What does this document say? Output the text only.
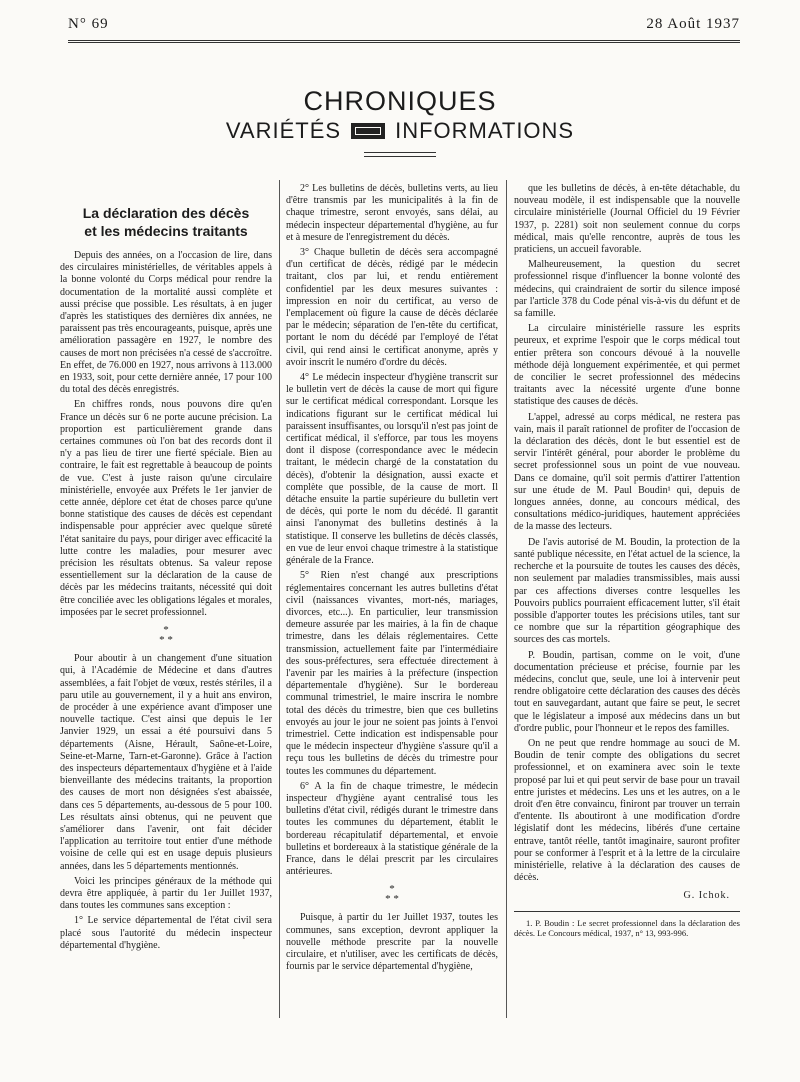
N° 69	28 Août 1937
CHRONIQUES
VARIÉTÉS INFORMATIONS
La déclaration des décès
et les médecins traitants

Depuis des années, on a l'occasion de lire, dans des circulaires ministérielles, de véritables appels à la bonne volonté du Corps médical pour rendre la documentation de la mortalité aussi complète et aussi précise que possible. Les résultats, à en juger d'après les statistiques des dernières dix années, ne paraissent pas très encourageants, puisque, après une amélioration passagère en 1927, le nombre des causes de mort non précisées n'a cessé de s'accroître. En effet, de 76.000 en 1927, nous arrivons à 113.000 en 1933, soit, pour cette dernière année, 17 pour 100 du total des décès enregistrés.

En chiffres ronds, nous pouvons dire qu'en France un décès sur 6 ne porte aucune précision. La proportion est particulièrement grande dans certaines communes où l'on bat des records dont il n'y a pas lieu de tirer une fierté spéciale. Bien au contraire, le fait est regrettable à beaucoup de points de vue. C'est à juste raison qu'une circulaire ministérielle, envoyée aux Préfets le 1er janvier de cette année, déplore cet état de choses parce qu'une bonne statistique des causes de décès est cependant indispensable pour apprécier avec quelque sûreté l'état sanitaire du pays, pour diriger avec efficacité la lutte contre les maladies, pour mesurer avec précision les résultats obtenus. Sa valeur repose essentiellement sur la déclaration de la cause de décès par les médecins traitants, nécessité qui doit être conciliée avec les obligations légales et morales, imposées par le secret professionnel.

*
* *

Pour aboutir à un changement d'une situation qui, à l'Académie de Médecine et dans d'autres assemblées, a fait l'objet de vœux, restés stériles, il a paru utile au gouvernement, il y a huit ans environ, de procéder à une expérience avant d'imposer une nouvelle tactique. C'est ainsi que depuis le 1er Janvier 1929, un essai a été poursuivi dans 5 départements (Aisne, Hérault, Saône-et-Loire, Seine-et-Marne, Tarn-et-Garonne). Grâce à l'action des inspecteurs départementaux d'hygiène et à l'aide bienveillante des médecins traitants, la proportion des causes de mort non désignées s'est abaissée, dans ces 5 départements, au-dessous de 5 pour 100. Les résultats ainsi obtenus, qui ne peuvent que s'améliorer dans l'avenir, ont fait décider l'application au territoire tout entier d'une méthode voisine de celle qui est en usage depuis plusieurs années, dans les 5 départements mentionnés.

Voici les principes généraux de la méthode qui devra être appliquée, à partir du 1er Juillet 1937, dans toutes les communes sans exception :

1° Le service départemental de l'état civil sera placé sous l'autorité du médecin inspecteur départemental d'hygiène.

2° Les bulletins de décès, bulletins verts, au lieu d'être transmis par les municipalités à la fin de chaque trimestre, seront envoyés, sans délai, au médecin inspecteur départemental d'hygiène, au fur et à mesure de l'enregistrement du décès.

3° Chaque bulletin de décès sera accompagné d'un certificat de décès, rédigé par le médecin traitant, clos par lui, et rendu entièrement confidentiel par les deux mesures suivantes : impression en noir du certificat, au verso de l'emplacement où figure la cause de décès déclarée par le médecin; séparation de l'en-tête du certificat, portant le nom du décédé par l'employé de l'état civil, qui rend ainsi le certificat anonyme, après y avoir inscrit le numéro d'ordre du décès.

4° Le médecin inspecteur d'hygiène transcrit sur le bulletin vert de décès la cause de mort qui figure sur le certificat médical correspondant. Lorsque les indications figurant sur le certificat médical lui paraissent insuffisantes, ou lorsqu'il n'est pas joint de certificat médical, il s'efforce, par tous les moyens dont il dispose (correspondance avec le médecin traitant, le médecin chargé de la constatation du décès), d'obtenir la désignation, aussi exacte et complète que possible, de la cause de mort. Il détache ensuite la partie supérieure du bulletin vert de décès, qui porte le nom du décédé. Il garantit ainsi l'anonymat des bulletins destinés à la statistique. Il conserve les bulletins de décès classés, en vue de leur envoi chaque trimestre à la statistique générale de la France.

5° Rien n'est changé aux prescriptions réglementaires concernant les autres bulletins d'état civil (naissances vivantes, mort-nés, mariages, divorces, etc...). En particulier, leur transmission demeure assurée par les mairies, à la fin de chaque trimestre, dans les délais réglementaires. Cette transmission, actuellement faite par l'intermédiaire des sous-préfectures, sera effectuée directement à l'avenir par les mairies à la préfecture (inspection départementale d'hygiène). Sur le bordereau communal trimestriel, le maire inscrira le nombre total des décès du trimestre, bien que ces bulletins envoyés au jour le jour ne soient pas joints à l'envoi trimestriel. Cette indication est indispensable pour que le médecin inspecteur d'hygiène s'assure qu'il a reçu tous les bulletins de décès du trimestre pour toutes les communes du département.

6° A la fin de chaque trimestre, le médecin inspecteur d'hygiène ayant centralisé tous les bulletins d'état civil, rédigés durant le trimestre dans toutes les communes du département, établit le bordereau récapitulatif départemental, et envoie bulletins et bordereaux à la statistique générale de la France, dans le délai prescrit par les circulaires antérieures.

*
* *

Puisque, à partir du 1er Juillet 1937, toutes les communes, sans exception, devront appliquer la nouvelle méthode prescrite par la nouvelle circulaire, et n'utiliser, avec les certificats de décès, fournis par le service départemental d'hygiène,

que les bulletins de décès, à en-tête détachable, du nouveau modèle, il est indispensable que la nouvelle circulaire ministérielle (Journal Officiel du 19 Février 1937, p. 2281) soit non seulement connue du corps médical, mais qu'elle rencontre, auprès de tous les praticiens, un accueil favorable.

Malheureusement, la question du secret professionnel risque d'influencer la bonne volonté des médecins, qui craindraient de sortir du silence imposé par l'article 378 du Code pénal vis-à-vis du défunt et de sa famille.

La circulaire ministérielle rassure les esprits peureux, et exprime l'espoir que le corps médical tout entier prêtera son concours dévoué à la nouvelle méthode déjà longuement expérimentée, et qui permet de concilier le secret professionnel des médecins traitants avec la nécessité urgente d'une bonne statistique des causes de décès.

L'appel, adressé au corps médical, ne restera pas vain, mais il paraît rationnel de profiter de l'occasion de la déclaration des décès, dont le but essentiel est de servir l'intérêt général, pour aborder le problème du secret professionnel sous un point de vue nouveau. Dans ce domaine, qu'il soit permis d'attirer l'attention sur une étude de M. Paul Boudin¹ qui, depuis de longues années, donne, au concours médical, des consultations médico-juridiques, hautement appréciées de la masse des lecteurs.

De l'avis autorisé de M. Boudin, la protection de la santé publique nécessite, en l'état actuel de la science, la recherche et la poursuite de toutes les causes des décès, non seulement par maladies transmissibles, mais aussi par ces affections diverses contre lesquelles les Pouvoirs publics pourraient efficacement lutter, s'il était possible d'apporter toutes les précisions utiles, tant sur ce nombre que sur la répartition géographique des sources des cas mortels.

P. Boudin, partisan, comme on le voit, d'une documentation précieuse et précise, fournie par les médecins, conclut que, seule, une loi à intervenir peut rendre obligatoire cette déclaration des causes des décès tout en sauvegardant, autant que faire se peut, le secret que le législateur a imposé aux médecins dans un but d'ordre public, pour l'honneur et le repos des familles.

On ne peut que rendre hommage au souci de M. Boudin de tenir compte des obligations du secret professionnel, et on examinera avec soin le texte proposé par lui et qui peut servir de base pour un travail entre juristes et médecins. Les uns et les autres, on a le droit d'en être convaincu, finiront par trouver un terrain d'entente. Ils aboutiront à une modification d'ordre législatif dont les médecins, libérés d'une certaine entrave, tantôt réelle, tantôt imaginaire, sauront profiter pour se conformer à l'esprit et à la lettre de la circulaire ministérielle, relative à la déclaration des causes de décès.

G. Ichok.
1. P. Boudin : Le secret professionnel dans la déclaration des décès. Le Concours médical, 1937, n° 13, 993-996.
